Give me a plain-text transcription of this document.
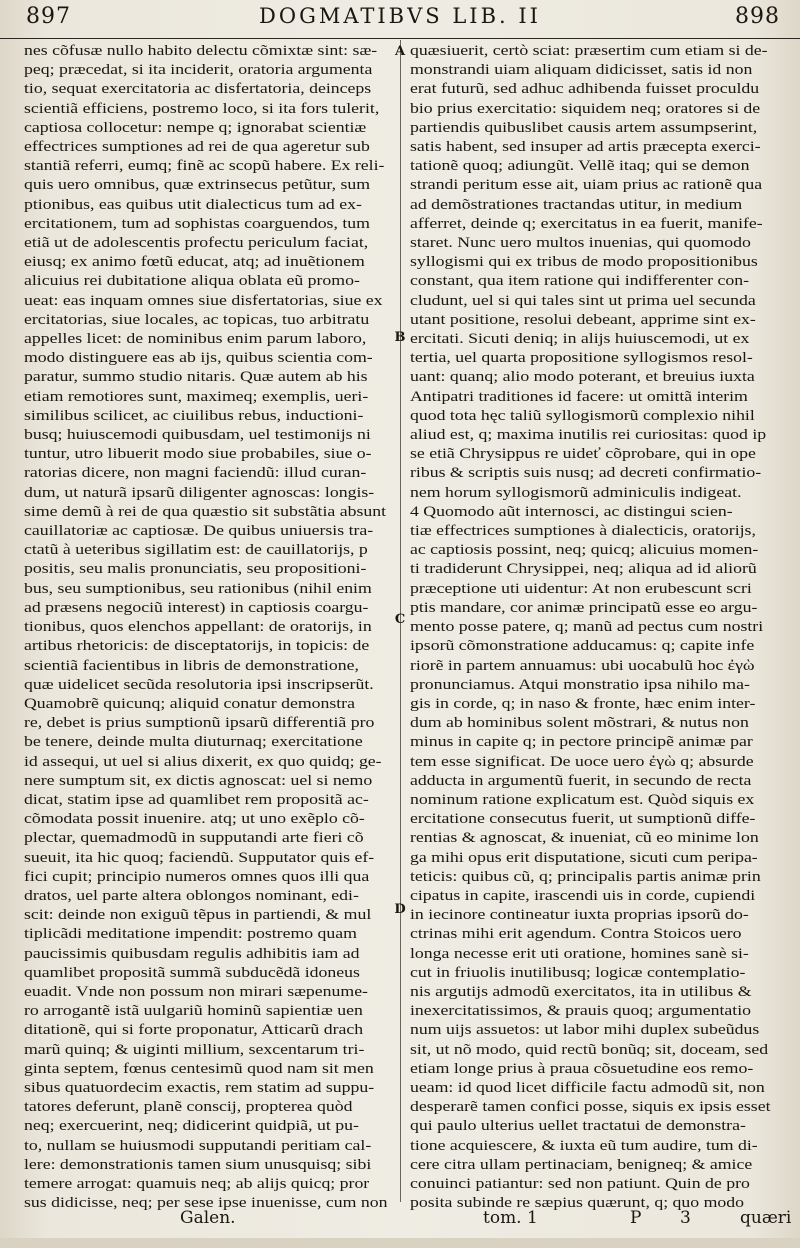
897	DOGMATIBVS LIB. II	898
A
B
C
D
nes cõfusæ nullo habito delectu cõmixtæ sint: sæ-
peq; præcedat, si ita inciderit, oratoria argumenta
tio, sequat exercitatoria ac disfertatoria, deinceps
scientiã efficiens, postremo loco, si ita fors tulerit,
captiosa collocetur: nempe q; ignorabat scientiæ
effectrices sumptiones ad rei de qua ageretur sub
stantiã referri, eumq; finẽ ac scopũ habere. Ex reli-
quis uero omnibus, quæ extrinsecus petũtur, sum
ptionibus, eas quibus utit dialecticus tum ad ex-
ercitationem, tum ad sophistas coarguendos, tum
etiã ut de adolescentis profectu periculum faciat,
eiusq; ex animo fœtũ educat, atq; ad inuẽtionem
alicuius rei dubitatione aliqua oblata eũ promo-
ueat: eas inquam omnes siue disfertatorias, siue ex
ercitatorias, siue locales, ac topicas, tuo arbitratu
appelles licet: de nominibus enim parum laboro,
modo distinguere eas ab ijs, quibus scientia com-
paratur, summo studio nitaris. Quæ autem ab his
etiam remotiores sunt, maximeq; exemplis, ueri-
similibus scilicet, ac ciuilibus rebus, inductioni-
busq; huiuscemodi quibusdam, uel testimonijs ni
tuntur, utro libuerit modo siue probabiles, siue o-
ratorias dicere, non magni faciendũ: illud curan-
dum, ut naturã ipsarũ diligenter agnoscas: longis-
sime demũ à rei de qua quæstio sit substãtia absunt
cauillatoriæ ac captiosæ. De quibus uniuersis tra-
ctatũ à ueteribus sigillatim est: de cauillatorijs, p
positis, seu malis pronunciatis, seu propositioni-
bus, seu sumptionibus, seu rationibus (nihil enim
ad præsens negociũ interest) in captiosis coargu-
tionibus, quos elenchos appellant: de oratorijs, in
artibus rhetoricis: de disceptatorijs, in topicis: de
scientiã facientibus in libris de demonstratione,
quæ uidelicet secũda resolutoria ipsi inscripserũt.
Quamobrẽ quicunq; aliquid conatur demonstra
re, debet is prius sumptionũ ipsarũ differentiã pro
be tenere, deinde multa diuturnaq; exercitatione
id assequi, ut uel si alius dixerit, ex quo quidq; ge-
nere sumptum sit, ex dictis agnoscat: uel si nemo
dicat, statim ipse ad quamlibet rem propositã ac-
cõmodata possit inuenire. atq; ut uno exẽplo cõ-
plectar, quemadmodũ in supputandi arte fieri cõ
sueuit, ita hic quoq; faciendũ. Supputator quis ef-
fici cupit; principio numeros omnes quos illi qua
dratos, uel parte altera oblongos nominant, edi-
scit: deinde non exiguũ tẽpus in partiendi, & mul
tiplicãdi meditatione impendit: postremo quam
paucissimis quibusdam regulis adhibitis iam ad
quamlibet propositã summã subducẽdã idoneus
euadit. Vnde non possum non mirari sæpenume-
ro arrogantẽ istã uulgariũ hominũ sapientiæ uen
ditationẽ, qui si forte proponatur, Atticarũ drach
marũ quinq; & uiginti millium, sexcentarum tri-
ginta septem, fœnus centesimũ quod nam sit men
sibus quatuordecim exactis, rem statim ad suppu-
tatores deferunt, planẽ conscij, propterea quòd
neq; exercuerint, neq; didicerint quidpiã, ut pu-
to, nullam se huiusmodi supputandi peritiam cal-
lere: demonstrationis tamen sium unusquisq; sibi
temere arrogat: quamuis neq; ab alijs quicq; pror
sus didicisse, neq; per sese ipse inuenisse, cum non
quæsiuerit, certò sciat: præsertim cum etiam si de-
monstrandi uiam aliquam didicisset, satis id non
erat futurũ, sed adhuc adhibenda fuisset proculdu
bio prius exercitatio: siquidem neq; oratores si de
partiendis quibuslibet causis artem assumpserint,
satis habent, sed insuper ad artis præcepta exerci-
tationẽ quoq; adiungũt. Vellẽ itaq; qui se demon
strandi peritum esse ait, uiam prius ac rationẽ qua
ad demõstrationes tractandas utitur, in medium
afferret, deinde q; exercitatus in ea fuerit, manife-
staret. Nunc uero multos inuenias, qui quomodo
syllogismi qui ex tribus de modo propositionibus
constant, qua item ratione qui indifferenter con-
cludunt, uel si qui tales sint ut prima uel secunda
utant positione, resolui debeant, apprime sint ex-
ercitati. Sicuti deniq; in alijs huiuscemodi, ut ex
tertia, uel quarta propositione syllogismos resol-
uant: quanq; alio modo poterant, et breuius iuxta
Antipatri traditiones id facere: ut omittã interim
quod tota hęc taliũ syllogismorũ complexio nihil
aliud est, q; maxima inutilis rei curiositas: quod ip
se etiã Chrysippus re uideť cõprobare, qui in ope
ribus & scriptis suis nusq; ad decreti confirmatio-
nem horum syllogismorũ adminiculis indigeat.
4 Quomodo aũt internosci, ac distingui scien-
tiæ effectrices sumptiones à dialecticis, oratorijs,
ac captiosis possint, neq; quicq; alicuius momen-
ti tradiderunt Chrysippei, neq; aliqua ad id aliorũ
præceptione uti uidentur: At non erubescunt scri
ptis mandare, cor animæ principatũ esse eo argu-
mento posse patere, q; manũ ad pectus cum nostri
ipsorũ cõmonstratione adducamus: q; capite infe
riorẽ in partem annuamus: ubi uocabulũ hoc ἐγὼ
pronunciamus. Atqui monstratio ipsa nihilo ma-
gis in corde, q; in naso & fronte, hæc enim inter-
dum ab hominibus solent mõstrari, & nutus non
minus in capite q; in pectore principẽ animæ par
tem esse significat. De uoce uero ἐγὼ q; absurde
adducta in argumentũ fuerit, in secundo de recta
nominum ratione explicatum est. Quòd siquis ex
ercitatione consecutus fuerit, ut sumptionũ diffe-
rentias & agnoscat, & inueniat, cũ eo minime lon
ga mihi opus erit disputatione, sicuti cum peripa-
teticis: quibus cũ, q; principalis partis animæ prin
cipatus in capite, irascendi uis in corde, cupiendi
in iecinore contineatur iuxta proprias ipsorũ do-
ctrinas mihi erit agendum. Contra Stoicos uero
longa necesse erit uti oratione, homines sanè si-
cut in friuolis inutilibusq; logicæ contemplatio-
nis argutijs admodũ exercitatos, ita in utilibus &
inexercitatissimos, & prauis quoq; argumentatio
num uijs assuetos: ut labor mihi duplex subeũdus
sit, ut nõ modo, quid rectũ bonũq; sit, doceam, sed
etiam longe prius à praua cõsuetudine eos remo-
ueam: id quod licet difficile factu admodũ sit, non
desperarẽ tamen confici posse, siquis ex ipsis esset
qui paulo ulterius uellet tractatui de demonstra-
tione acquiescere, & iuxta eũ tum audire, tum di-
cere citra ullam pertinaciam, benigneq; & amice
conuinci patiantur: sed non patiunt. Quin de pro
posita subinde re sæpius quærunt, q; quo modo
Galen.	tom. 1	P 3	quæri
